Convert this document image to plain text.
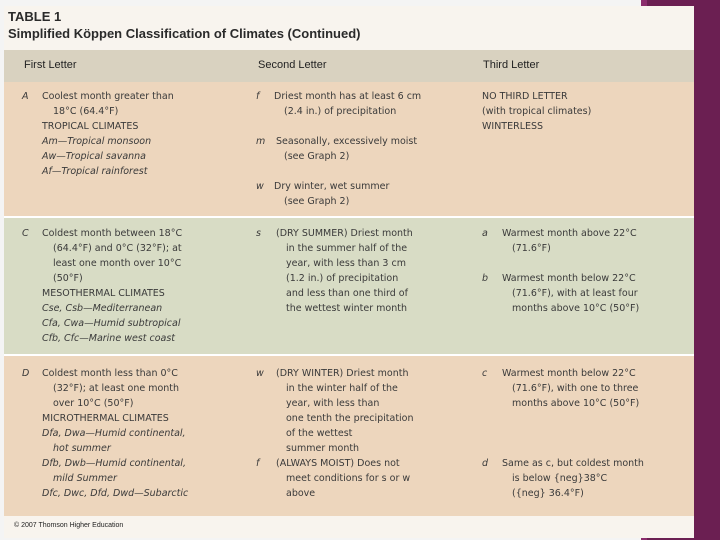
TABLE 1
Simplified Köppen Classification of Climates (Continued)
First Letter	Second Letter	Third Letter
A Coolest month greater than
18°C (64.4°F)
TROPICAL CLIMATES
Am—Tropical monsoon
Aw—Tropical savanna
Af—Tropical rainforest
f Driest month has at least 6 cm
(2.4 in.) of precipitation
m Seasonally, excessively moist
(see Graph 2)
w Dry winter, wet summer
(see Graph 2)
NO THIRD LETTER
(with tropical climates)
WINTERLESS
C Coldest month between 18°C
(64.4°F) and 0°C (32°F); at
least one month over 10°C
(50°F)
MESOTHERMAL CLIMATES
Cse, Csb—Mediterranean
Cfa, Cwa—Humid subtropical
Cfb, Cfc—Marine west coast
s (DRY SUMMER) Driest month
in the summer half of the
year, with less than 3 cm
(1.2 in.) of precipitation
and less than one third of
the wettest winter month
a Warmest month above 22°C
(71.6°F)
b Warmest month below 22°C
(71.6°F), with at least four
months above 10°C (50°F)
D Coldest month less than 0°C
(32°F); at least one month
over 10°C (50°F)
MICROTHERMAL CLIMATES
Dfa, Dwa—Humid continental,
hot summer
Dfb, Dwb—Humid continental,
mild Summer
Dfc, Dwc, Dfd, Dwd—Subarctic
w (DRY WINTER) Driest month
in the winter half of the
year, with less than
one tenth the precipitation
of the wettest
summer month
f (ALWAYS MOIST) Does not
meet conditions for s or w
above
c Warmest month below 22°C
(71.6°F), with one to three
months above 10°C (50°F)
d Same as c, but coldest month
is below {neg}38°C
({neg} 36.4°F)
© 2007 Thomson Higher Education
